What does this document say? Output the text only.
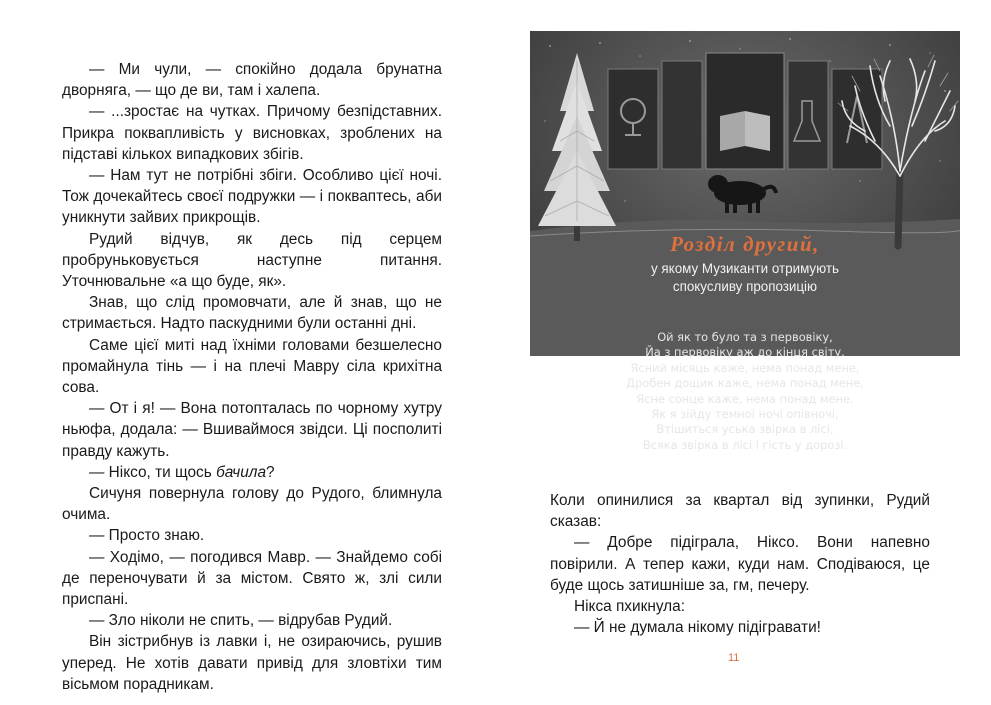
— Ми чули, — спокійно додала брунатна дворняга, — що де ви, там і халепа.

— ...зростає на чутках. Причому безпідставних. Прикра поквапливість у висновках, зроблених на підставі кількох випадкових збігів.

— Нам тут не потрібні збіги. Особливо цієї ночі. Тож дочекайтесь своєї подружки — і покваптесь, аби уникнути зайвих прикрощів.

Рудий відчув, як десь під серцем пробруньковується наступне питання. Уточнювальне «а що буде, як».

Знав, що слід промовчати, але й знав, що не стримається. Надто паскудними були останні дні.

Саме цієї миті над їхніми головами безшелесно промайнула тінь — і на плечі Мавру сіла крихітна сова.

— От і я! — Вона потопталась по чорному хутру ньюфа, додала: — Вшиваймося звідси. Ці посполиті правду кажуть.

— Ніксо, ти щось бачила?

Сичуня повернула голову до Рудого, блимнула очима.

— Просто знаю.

— Ходімо, — погодився Мавр. — Знайдемо собі де переночувати й за містом. Свято ж, злі сили приспані.

— Зло ніколи не спить, — відрубав Рудий.

Він зістрибнув із лавки і, не озираючись, рушив уперед. Не хотів давати привід для зловтіхи тим вісьмом порадникам.

Розділ другий,
у якому Музиканти отримують
спокусливу пропозицію
Ой як то було та з первовіку,
Йа з первовіку аж до кінця світу.
Ясний місяць каже, нема понад мене,
Дробен дощик каже, нема понад мене,
Ясне сонце каже, нема понад мене.
Як я зійду темної ночі опівночі,
Втішиться уська звірка в лісі,
Всяка звірка в лісі і гість у дорозі.

Коли опинилися за квартал від зупинки, Рудий сказав:

— Добре підіграла, Ніксо. Вони напевно повірили. А тепер кажи, куди нам. Сподіваюся, це буде щось затишніше за, гм, печеру.

Нікса пхикнула:

— Й не думала нікому підігравати!

11
